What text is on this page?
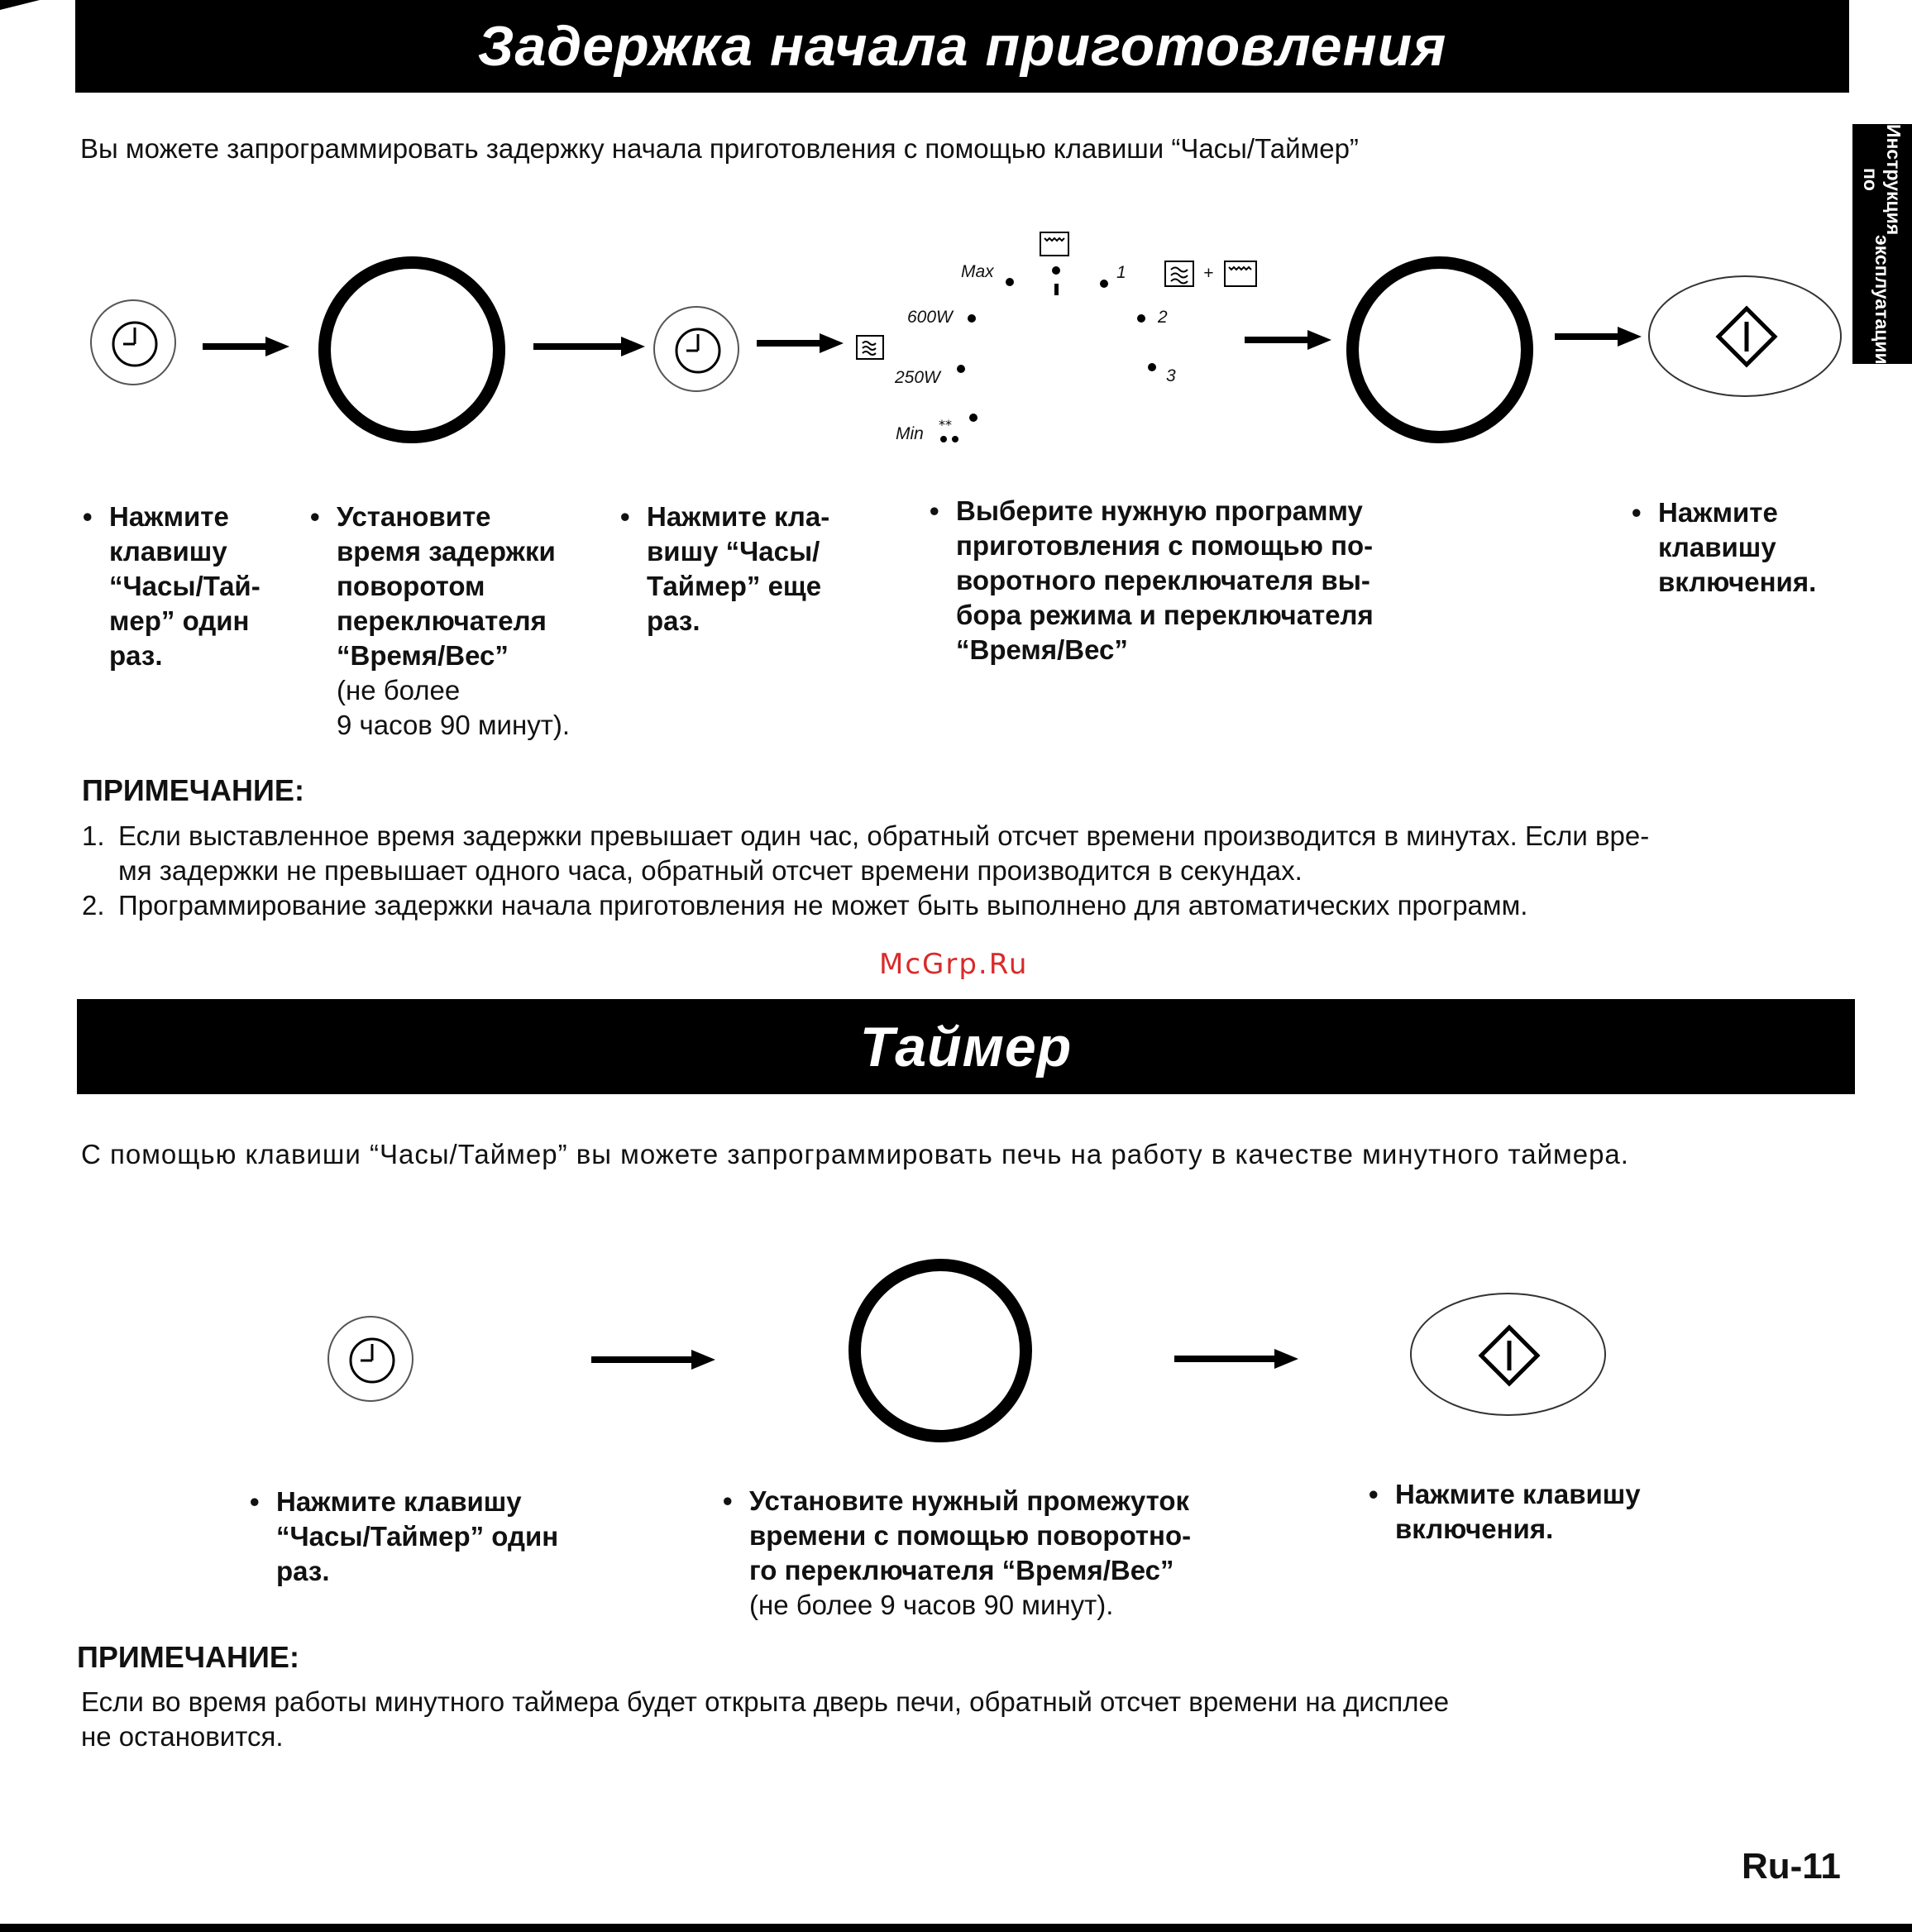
Задержка начала приготовления
Инструкция по
эксплуатации
Вы можете запрограммировать задержку начала приготовления с помощью клавиши “Часы/Таймер”
+
Max	1
600W	2
250W	3
Min **
• Нажмите
клавишу
“Часы/Тай-
мер” один
раз.
• Установите
время задержки
поворотом
переключателя
“Время/Вес”
(не более
9 часов 90 минут).
• Нажмите кла-
вишу “Часы/
Таймер” еще
раз.
• Выберите нужную программу
приготовления с помощью по-
воротного переключателя вы-
бора режима и переключателя
“Время/Вес”
• Нажмите
клавишу
включения.
ПРИМЕЧАНИЕ:
1. Если выставленное время задержки превышает один час, обратный отсчет времени производится в минутах. Если вре-
мя задержки не превышает одного часа, обратный отсчет времени производится в секундах.
2. Программирование задержки начала приготовления не может быть выполнено для автоматических программ.
McGrp.Ru
Таймер
С помощью клавиши “Часы/Таймер” вы можете запрограммировать печь на работу в качестве минутного таймера.
• Нажмите клавишу
“Часы/Таймер” один
раз.
• Установите нужный промежуток
времени с помощью поворотно-
го переключателя “Время/Вес”
(не более 9 часов 90 минут).
• Нажмите клавишу
включения.
ПРИМЕЧАНИЕ:
Если во время работы минутного таймера будет открыта дверь печи, обратный отсчет времени на дисплее
не остановится.
Ru-11
